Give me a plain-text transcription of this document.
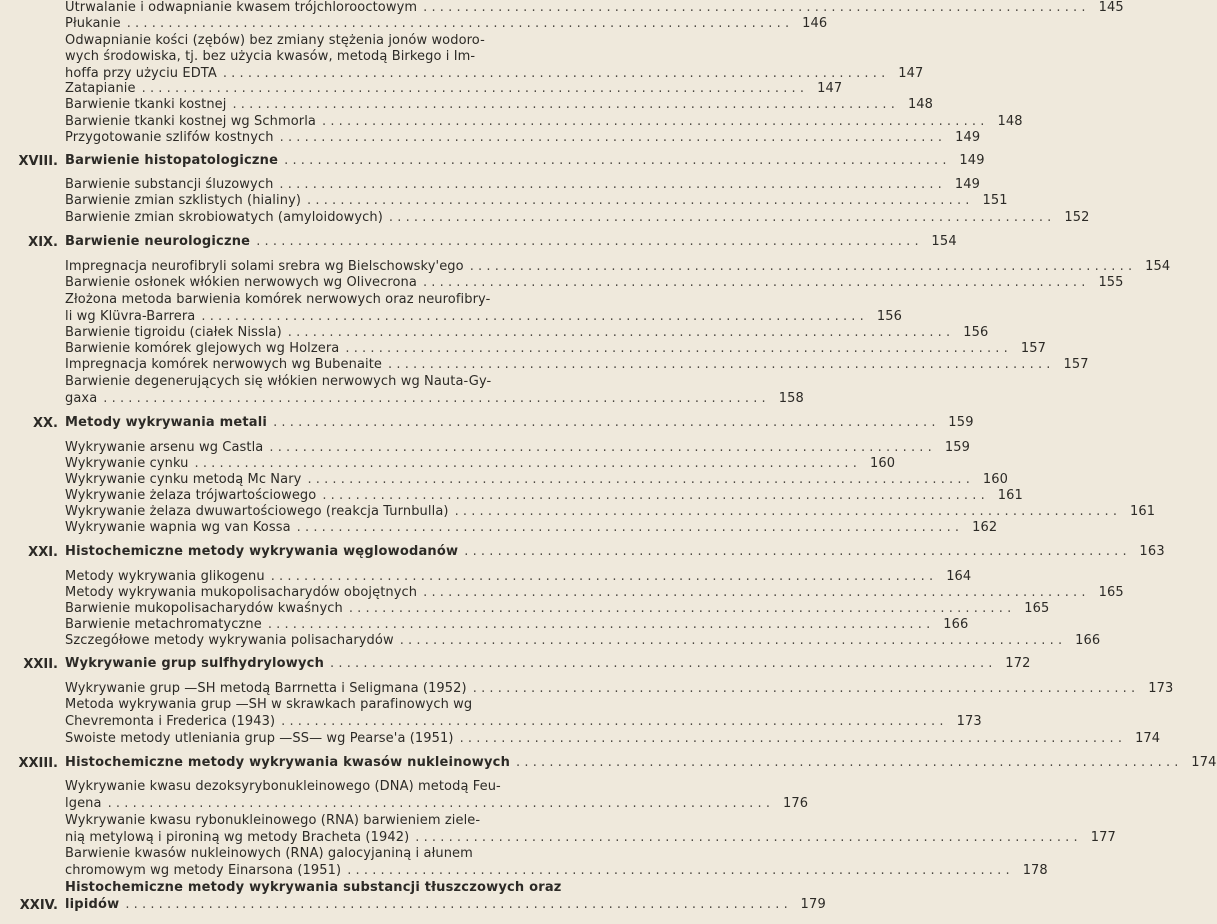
Utrwalanie i odwapnianie kwasem trójchlorooctowym ................................................................................ 145
Płukanie ................................................................................ 146
Odwapnianie kości (zębów) bez zmiany stężenia jonów wodoro-
wych środowiska, tj. bez użycia kwasów, metodą Birkego i Im-
hoffa przy użyciu EDTA ................................................................................ 147
Zatapianie ................................................................................ 147
Barwienie tkanki kostnej ................................................................................ 148
Barwienie tkanki kostnej wg Schmorla ................................................................................ 148
Przygotowanie szlifów kostnych ................................................................................ 149
XVIII. Barwienie histopatologiczne ................................................................................ 149
Barwienie substancji śluzowych ................................................................................ 149
Barwienie zmian szklistych (hialiny) ................................................................................ 151
Barwienie zmian skrobiowatych (amyloidowych) ................................................................................ 152
XIX. Barwienie neurologiczne ................................................................................ 154
Impregnacja neurofibryli solami srebra wg Bielschowsky'ego ................................................................................ 154
Barwienie osłonek włókien nerwowych wg Olivecrona ................................................................................ 155
Złożona metoda barwienia komórek nerwowych oraz neurofibry-
li wg Klüvra-Barrera ................................................................................ 156
Barwienie tigroidu (ciałek Nissla) ................................................................................ 156
Barwienie komórek glejowych wg Holzera ................................................................................ 157
Impregnacja komórek nerwowych wg Bubenaite ................................................................................ 157
Barwienie degenerujących się włókien nerwowych wg Nauta-Gy-
gaxa ................................................................................ 158
XX. Metody wykrywania metali ................................................................................ 159
Wykrywanie arsenu wg Castla ................................................................................ 159
Wykrywanie cynku ................................................................................ 160
Wykrywanie cynku metodą Mc Nary ................................................................................ 160
Wykrywanie żelaza trójwartościowego ................................................................................ 161
Wykrywanie żelaza dwuwartościowego (reakcja Turnbulla) ................................................................................ 161
Wykrywanie wapnia wg van Kossa ................................................................................ 162
XXI. Histochemiczne metody wykrywania węglowodanów ................................................................................ 163
Metody wykrywania glikogenu ................................................................................ 164
Metody wykrywania mukopolisacharydów obojętnych ................................................................................ 165
Barwienie mukopolisacharydów kwaśnych ................................................................................ 165
Barwienie metachromatyczne ................................................................................ 166
Szczegółowe metody wykrywania polisacharydów ................................................................................ 166
XXII. Wykrywanie grup sulfhydrylowych ................................................................................ 172
Wykrywanie grup —SH metodą Barrnetta i Seligmana (1952) ................................................................................ 173
Metoda wykrywania grup —SH w skrawkach parafinowych wg
Chevremonta i Frederica (1943) ................................................................................ 173
Swoiste metody utleniania grup —SS— wg Pearse'a (1951) ................................................................................ 174
XXIII. Histochemiczne metody wykrywania kwasów nukleinowych ................................................................................ 174
Wykrywanie kwasu dezoksyrybonukleinowego (DNA) metodą Feu-
lgena ................................................................................ 176
Wykrywanie kwasu rybonukleinowego (RNA) barwieniem ziele-
nią metylową i pironiną wg metody Bracheta (1942) ................................................................................ 177
Barwienie kwasów nukleinowych (RNA) galocyjaniną i ałunem
chromowym wg metody Einarsona (1951) ................................................................................ 178
XXIV.
Histochemiczne metody wykrywania substancji tłuszczowych oraz
lipidów ................................................................................ 179
